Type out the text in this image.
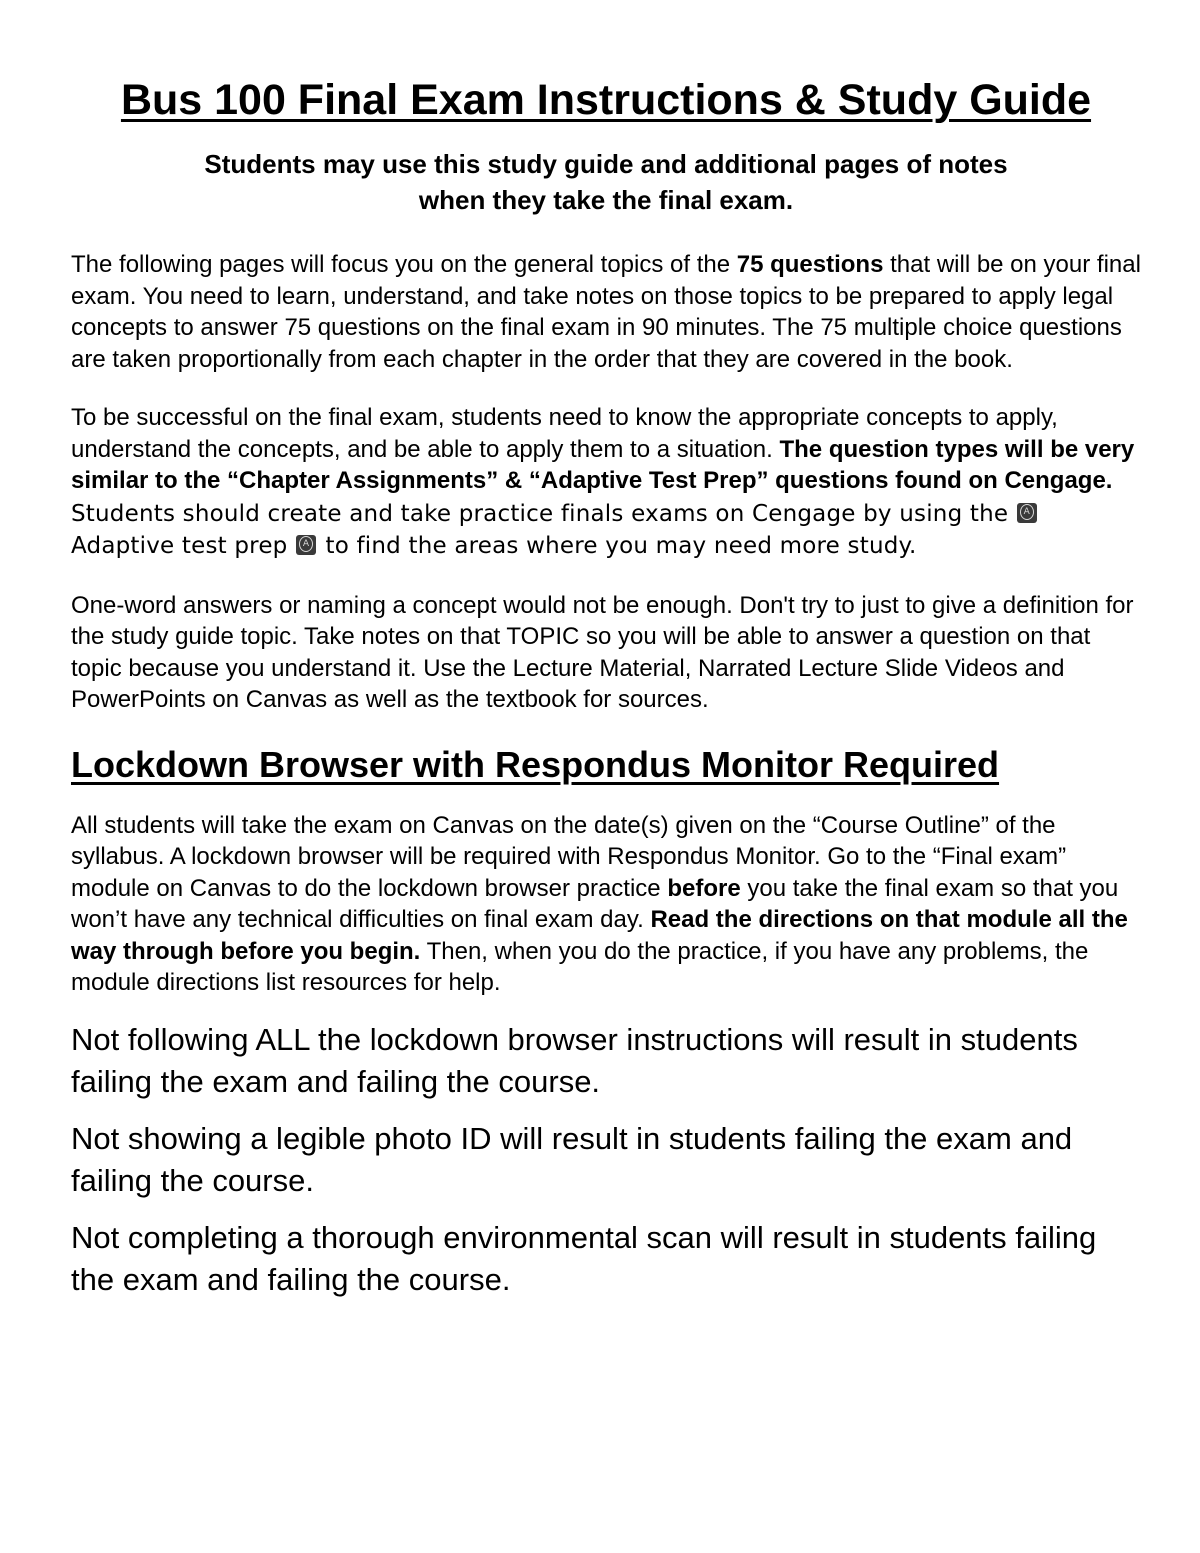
Bus 100 Final Exam Instructions & Study Guide
Students may use this study guide and additional pages of notes
when they take the final exam.

The following pages will focus you on the general topics of the 75 questions that will be on your final exam. You need to learn, understand, and take notes on those topics to be prepared to apply legal concepts to answer 75 questions on the final exam in 90 minutes. The 75 multiple choice questions are taken proportionally from each chapter in the order that they are covered in the book.

To be successful on the final exam, students need to know the appropriate concepts to apply, understand the concepts, and be able to apply them to a situation. The question types will be very similar to the “Chapter Assignments” & “Adaptive Test Prep” questions found on Cengage. Students should create and take practice finals exams on Cengage by using the AAdaptive test prep A to find the areas where you may need more study.

One-word answers or naming a concept would not be enough. Don't try to just to give a definition for the study guide topic. Take notes on that TOPIC so you will be able to answer a question on that topic because you understand it. Use the Lecture Material, Narrated Lecture Slide Videos and PowerPoints on Canvas as well as the textbook for sources.

Lockdown Browser with Respondus Monitor Required

All students will take the exam on Canvas on the date(s) given on the “Course Outline” of the syllabus. A lockdown browser will be required with Respondus Monitor. Go to the “Final exam” module on Canvas to do the lockdown browser practice before you take the final exam so that you won’t have any technical difficulties on final exam day. Read the directions on that module all the way through before you begin. Then, when you do the practice, if you have any problems, the module directions list resources for help.

Not following ALL the lockdown browser instructions will result in students failing the exam and failing the course.

Not showing a legible photo ID will result in students failing the exam and failing the course.

Not completing a thorough environmental scan will result in students failing the exam and failing the course.
